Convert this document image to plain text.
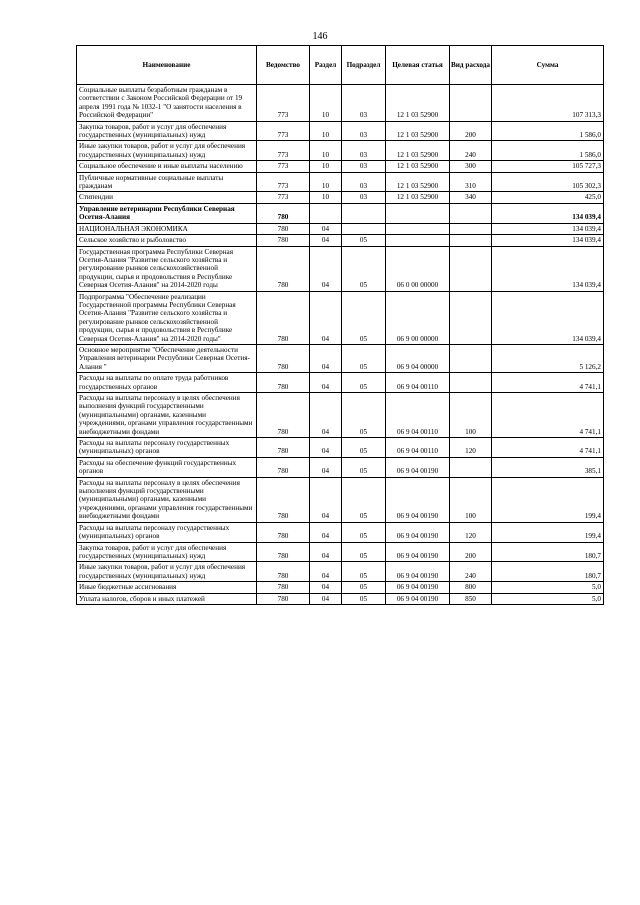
146
Наименование	Ведомство	Раздел	Подраздел	Целевая статья	Вид расхода	Сумма
Социальные выплаты безработным гражданам в соответствии с Законом Российской Федерации от 19 апреля 1991 года № 1032-1 "О занятости населения в Российской Федерации"	773	10	03	12 1 03 52900		107 313,3
Закупка товаров, работ и услуг для обеспечения государственных (муниципальных) нужд	773	10	03	12 1 03 52900	200	1 586,0
Иные закупки товаров, работ и услуг для обеспечения государственных (муниципальных) нужд	773	10	03	12 1 03 52900	240	1 586,0
Социальное обеспечение и иные выплаты населению	773	10	03	12 1 03 52900	300	105 727,3
Публичные нормативные социальные выплаты гражданам	773	10	03	12 1 03 52900	310	105 302,3
Стипендии	773	10	03	12 1 03 52900	340	425,0
Управление ветеринарии Республики Северная Осетия-Алания	780					134 039,4
НАЦИОНАЛЬНАЯ ЭКОНОМИКА	780	04				134 039,4
Сельское хозяйство и рыболовство	780	04	05			134 039,4
Государственная программа Республики Северная Осетия-Алания "Развитие сельского хозяйства и регулирование рынков сельскохозяйственной продукции, сырья и продовольствия в Республике Северная Осетия-Алания" на 2014-2020 годы	780	04	05	06 0 00 00000		134 039,4
Подпрограмма "Обеспечение реализации Государственной программы Республики Северная Осетия-Алания "Развитие сельского хозяйства и регулирование рынков сельскохозяйственной продукции, сырья и продовольствия в Республике Северная Осетия-Алания" на 2014-2020 годы"	780	04	05	06 9 00 00000		134 039,4
Основное мероприятие "Обеспечение деятельности Управления ветеринарии Республики Северная Осетия-Алания "	780	04	05	06 9 04 00000		5 126,2
Расходы на выплаты по оплате труда работников государственных органов	780	04	05	06 9 04 00110		4 741,1
Расходы на выплаты персоналу в целях обеспечения выполнения функций государственными (муниципальными) органами, казенными учреждениями, органами управления государственными внебюджетными фондами	780	04	05	06 9 04 00110	100	4 741,1
Расходы на выплаты персоналу государственных (муниципальных) органов	780	04	05	06 9 04 00110	120	4 741,1
Расходы на обеспечение функций государственных органов	780	04	05	06 9 04 00190		385,1
Расходы на выплаты персоналу в целях обеспечения выполнения функций государственными (муниципальными) органами, казенными учреждениями, органами управления государственными внебюджетными фондами	780	04	05	06 9 04 00190	100	199,4
Расходы на выплаты персоналу государственных (муниципальных) органов	780	04	05	06 9 04 00190	120	199,4
Закупка товаров, работ и услуг для обеспечения государственных (муниципальных) нужд	780	04	05	06 9 04 00190	200	180,7
Иные закупки товаров, работ и услуг для обеспечения государственных (муниципальных) нужд	780	04	05	06 9 04 00190	240	180,7
Иные бюджетные ассигнования	780	04	05	06 9 04 00190	800	5,0
Уплата налогов, сборов и иных платежей	780	04	05	06 9 04 00190	850	5,0
